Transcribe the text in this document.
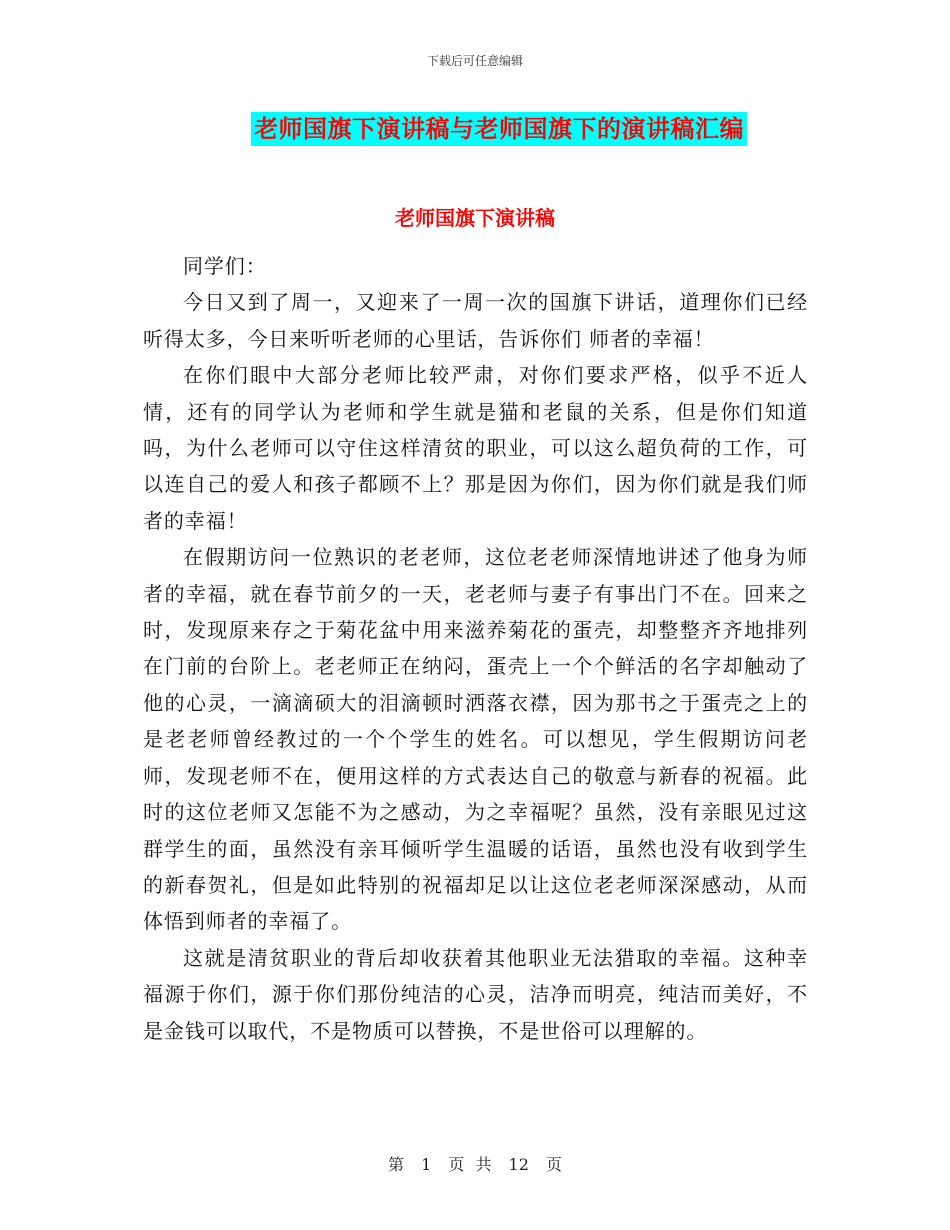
下载后可任意编辑
老师国旗下演讲稿与老师国旗下的演讲稿汇编
老师国旗下演讲稿

同学们：

今日又到了周一，又迎来了一周一次的国旗下讲话，道理你们已经听得太多，今日来听听老师的心里话，告诉你们 师者的幸福！

在你们眼中大部分老师比较严肃，对你们要求严格，似乎不近人情，还有的同学认为老师和学生就是猫和老鼠的关系，但是你们知道吗，为什么老师可以守住这样清贫的职业，可以这么超负荷的工作，可以连自己的爱人和孩子都顾不上？那是因为你们，因为你们就是我们师者的幸福！

在假期访问一位熟识的老老师，这位老老师深情地讲述了他身为师者的幸福，就在春节前夕的一天，老老师与妻子有事出门不在。回来之时，发现原来存之于菊花盆中用来滋养菊花的蛋壳，却整整齐齐地排列在门前的台阶上。老老师正在纳闷，蛋壳上一个个鲜活的名字却触动了他的心灵，一滴滴硕大的泪滴顿时洒落衣襟，因为那书之于蛋壳之上的是老老师曾经教过的一个个学生的姓名。可以想见，学生假期访问老师，发现老师不在，便用这样的方式表达自己的敬意与新春的祝福。此时的这位老师又怎能不为之感动，为之幸福呢？虽然，没有亲眼见过这群学生的面，虽然没有亲耳倾听学生温暖的话语，虽然也没有收到学生的新春贺礼，但是如此特别的祝福却足以让这位老老师深深感动，从而体悟到师者的幸福了。

这就是清贫职业的背后却收获着其他职业无法猎取的幸福。这种幸福源于你们，源于你们那份纯洁的心灵，洁净而明亮，纯洁而美好，不是金钱可以取代，不是物质可以替换，不是世俗可以理解的。

第 1 页 共 12 页
